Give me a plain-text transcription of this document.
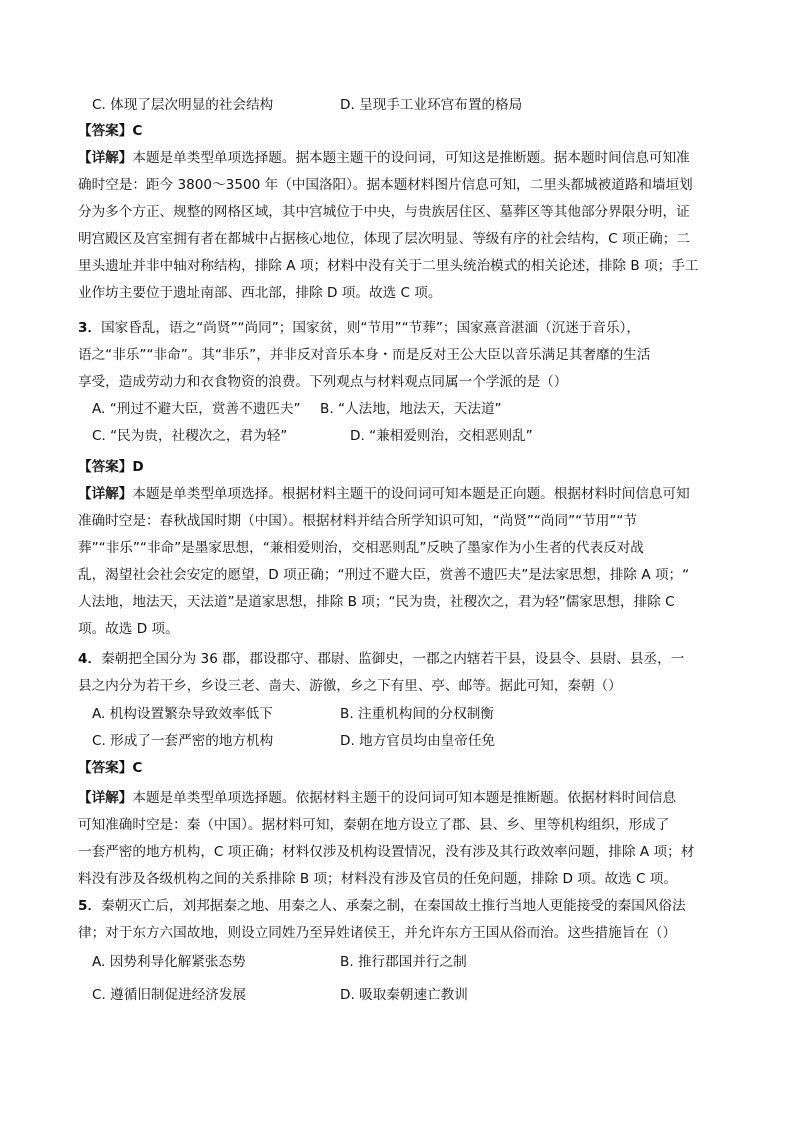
C. 体现了层次明显的社会结构	D. 呈现手工业环宫布置的格局
【答案】C
【详解】本题是单类型单项选择题。据本题主题干的设问词，可知这是推断题。据本题时间信息可知准
确时空是：距今 3800～3500 年（中国洛阳）。据本题材料图片信息可知，二里头都城被道路和墙垣划
分为多个方正、规整的网格区域，其中宫城位于中央，与贵族居住区、墓葬区等其他部分界限分明，证
明宫殿区及宫室拥有者在都城中占据核心地位，体现了层次明显、等级有序的社会结构，C 项正确；二
里头遗址并非中轴对称结构，排除 A 项；材料中没有关于二里头统治模式的相关论述，排除 B 项；手工
业作坊主要位于遗址南部、西北部，排除 D 项。故选 C 项。
3．国家昏乱，语之“尚贤”“尚同”；国家贫，则“节用”“节葬”；国家熹音湛湎（沉迷于音乐），
语之“非乐”“非命”。其“非乐”，并非反对音乐本身・而是反对王公大臣以音乐满足其奢靡的生活
享受，造成劳动力和衣食物资的浪费。下列观点与材料观点同属一个学派的是（）
A. “刑过不避大臣，赏善不遗匹夫” B. “人法地，地法天，天法道”
C. “民为贵，社稷次之，君为轻”	D. “兼相爱则治，交相恶则乱”
【答案】D
【详解】本题是单类型单项选择。根据材料主题干的设问词可知本题是正向题。根据材料时间信息可知
准确时空是：春秋战国时期（中国）。根据材料并结合所学知识可知，“尚贤”“尚同”“节用”“节
葬”“非乐”“非命”是墨家思想，“兼相爱则治，交相恶则乱”反映了墨家作为小生者的代表反对战
乱，渴望社会社会安定的愿望，D 项正确；“刑过不避大臣，赏善不遗匹夫”是法家思想，排除 A 项；“
人法地，地法天，天法道”是道家思想，排除 B 项；“民为贵，社稷次之，君为轻”儒家思想，排除 C
项。故选 D 项。
4．秦朝把全国分为 36 郡，郡设郡守、郡尉、监御史，一郡之内辖若干县，设县令、县尉、县丞，一
县之内分为若干乡，乡设三老、啬夫、游徼，乡之下有里、亭、邮等。据此可知，秦朝（）
A. 机构设置繁杂导致效率低下	B. 注重机构间的分权制衡
C. 形成了一套严密的地方机构	D. 地方官员均由皇帝任免
【答案】C
【详解】本题是单类型单项选择题。依据材料主题干的设问词可知本题是推断题。依据材料时间信息
可知准确时空是：秦（中国）。据材料可知，秦朝在地方设立了郡、县、乡、里等机构组织，形成了
一套严密的地方机构，C 项正确；材料仅涉及机构设置情况，没有涉及其行政效率问题，排除 A 项；材
料没有涉及各级机构之间的关系排除 B 项；材料没有涉及官员的任免问题，排除 D 项。故选 C 项。
5．秦朝灭亡后，刘邦据秦之地、用秦之人、承秦之制，在秦国故土推行当地人更能接受的秦国风俗法
律；对于东方六国故地，则设立同姓乃至异姓诸侯王，并允许东方王国从俗而治。这些措施旨在（）
A. 因势利导化解紧张态势	B. 推行郡国并行之制
C. 遵循旧制促进经济发展	D. 吸取秦朝速亡教训
